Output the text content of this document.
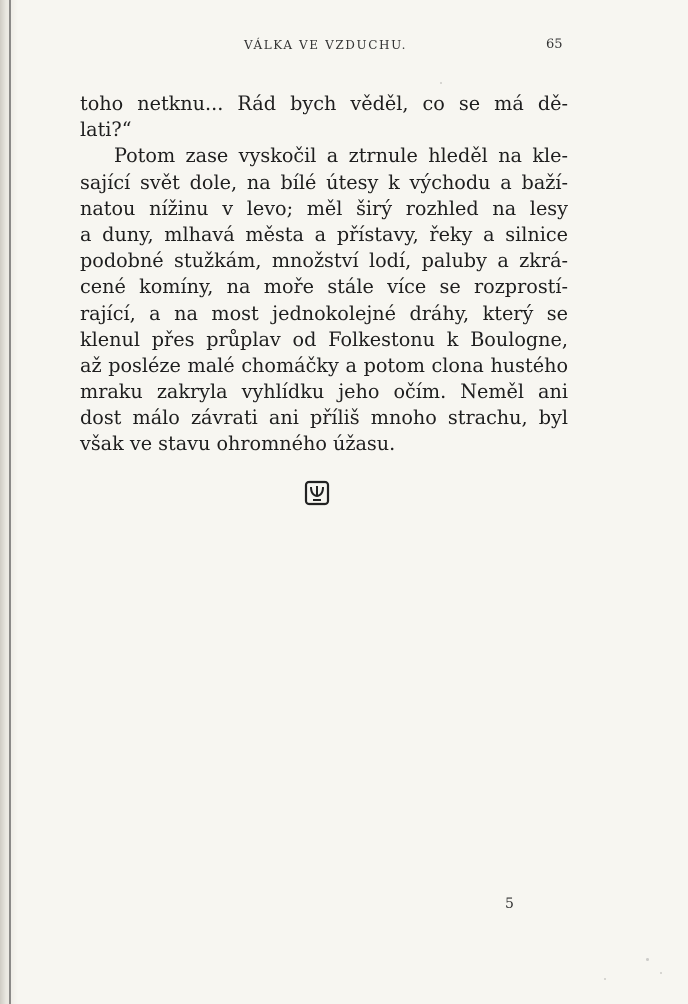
VÁLKA VE VZDUCHU.	65
toho netknu... Rád bych věděl, co se má dě-
lati?“
Potom zase vyskočil a ztrnule hleděl na kle-
sající svět dole, na bílé útesy k východu a baží-
natou nížinu v levo; měl širý rozhled na lesy
a duny, mlhavá města a přístavy, řeky a silnice
podobné stužkám, množství lodí, paluby a zkrá-
cené komíny, na moře stále více se rozprostí-
rající, a na most jednokolejné dráhy, který se
klenul přes průplav od Folkestonu k Boulogne,
až posléze malé chomáčky a potom clona hustého
mraku zakryla vyhlídku jeho očím. Neměl ani
dost málo závrati ani příliš mnoho strachu, byl
však ve stavu ohromného úžasu.
5
